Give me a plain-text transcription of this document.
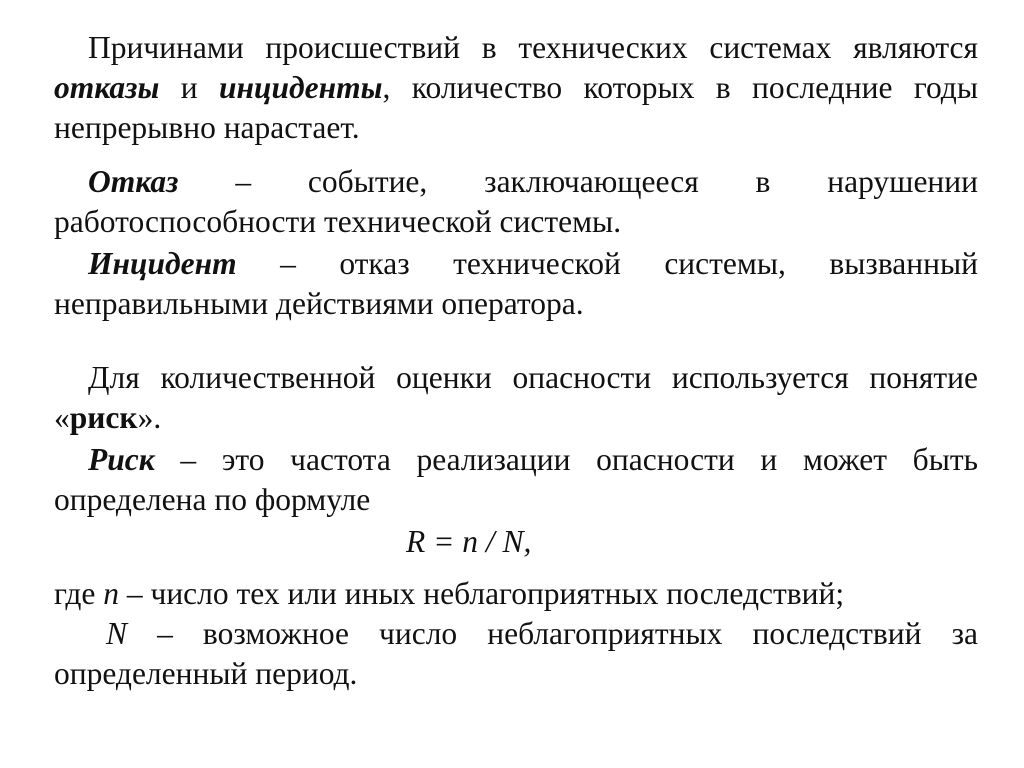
Причинами происшествий в технических системах являются отказы и инциденты, количество которых в последние годы непрерывно нарастает.

Отказ – событие, заключающееся в нарушении работоспособности технической системы.

Инцидент – отказ технической системы, вызванный неправильными действиями оператора.

Для количественной оценки опасности используется понятие «риск».

Риск – это частота реализации опасности и может быть определена по формуле

R = n / N,

где n – число тех или иных неблагоприятных последствий;

N – возможное число неблагоприятных последствий за определенный период.
